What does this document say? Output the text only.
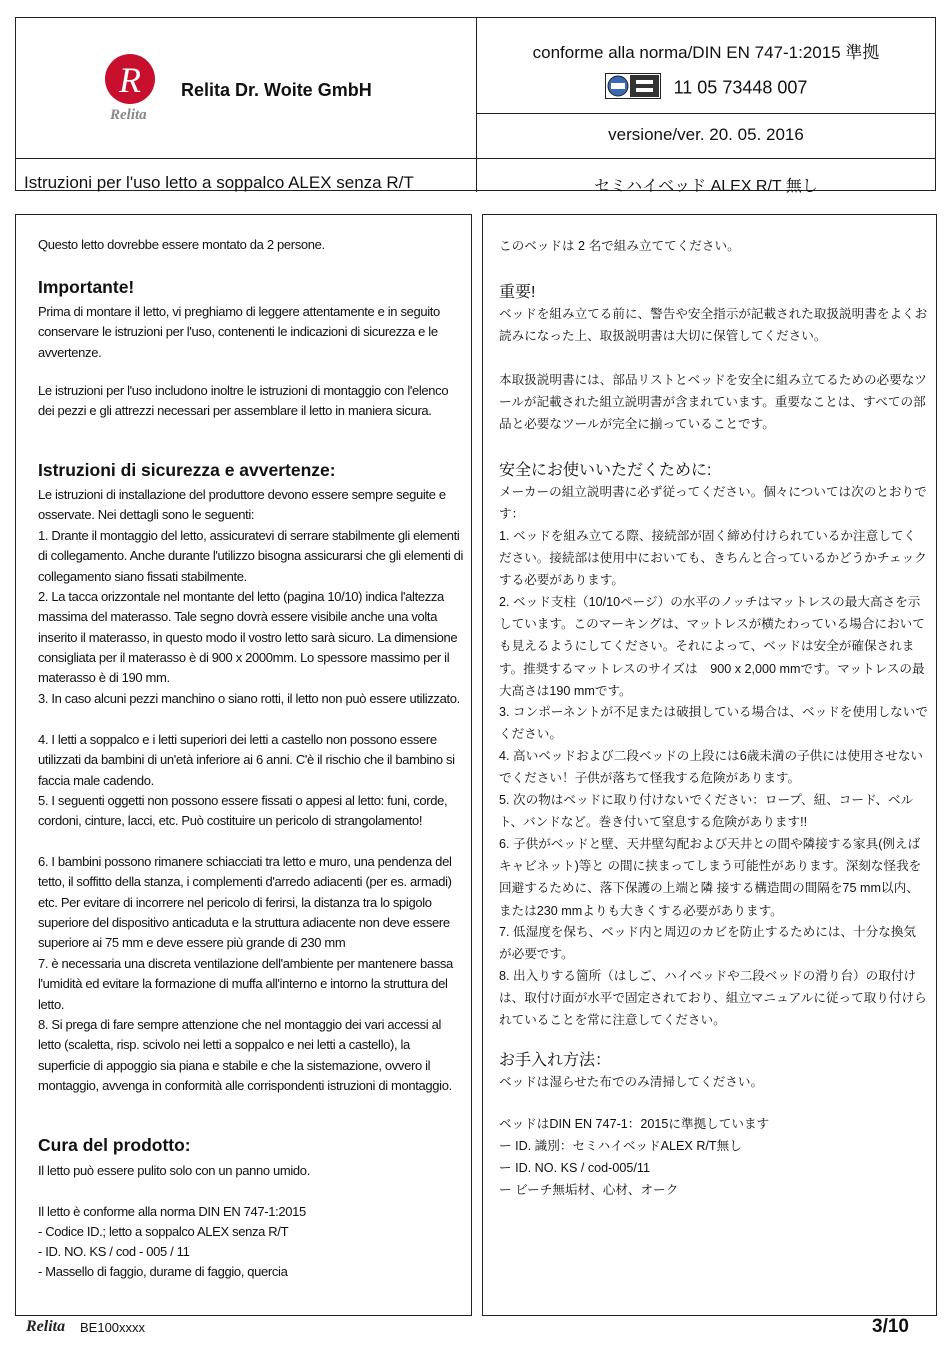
R
Relita
Relita Dr. Woite GmbH
conforme alla norma/DIN EN 747-1:2015 準拠
11 05 73448 007
versione/ver. 20. 05. 2016
Istruzioni per l'uso letto a soppalco ALEX senza R/T	セミハイベッド ALEX R/T 無し
Questo letto dovrebbe essere montato da 2 persone.
Importante!
Prima di montare il letto, vi preghiamo di leggere attentamente e in seguito conservare le istruzioni per l'uso, contenenti le indicazioni di sicurezza e le avvertenze.
Le istruzioni per l'uso includono inoltre le istruzioni di montaggio con l'elenco dei pezzi e gli attrezzi necessari per assemblare il letto in maniera sicura.
Istruzioni di sicurezza e avvertenze:
Le istruzioni di installazione del produttore devono essere sempre seguite e osservate. Nei dettagli sono le seguenti:
1. Drante il montaggio del letto, assicuratevi di serrare stabilmente gli elementi di collegamento. Anche durante l'utilizzo bisogna assicurarsi che gli elementi di collegamento siano fissati stabilmente.
2. La tacca orizzontale nel montante del letto (pagina 10/10) indica l'altezza massima del materasso. Tale segno dovrà essere visibile anche una volta inserito il materasso, in questo modo il vostro letto sarà sicuro. La dimensione consigliata per il materasso è di 900 x 2000mm. Lo spessore massimo per il materasso è di 190 mm.
3. In caso alcuni pezzi manchino o siano rotti, il letto non può essere utilizzato.
4. I letti a soppalco e i letti superiori dei letti a castello non possono essere utilizzati da bambini di un'età inferiore ai 6 anni. C'è il rischio che il bambino si faccia male cadendo.
5. I seguenti oggetti non possono essere fissati o appesi al letto: funi, corde, cordoni, cinture, lacci, etc. Può costituire un pericolo di strangolamento!
6. I bambini possono rimanere schiacciati tra letto e muro, una pendenza del tetto, il soffitto della stanza, i complementi d'arredo adiacenti (per es. armadi) etc. Per evitare di incorrere nel pericolo di ferirsi, la distanza tra lo spigolo superiore del dispositivo anticaduta e la struttura adiacente non deve essere superiore ai 75 mm e deve essere più grande di 230 mm
7. è necessaria una discreta ventilazione dell'ambiente per mantenere bassa l'umidità ed evitare la formazione di muffa all'interno e intorno la struttura del letto.
8. Si prega di fare sempre attenzione che nel montaggio dei vari accessi al letto (scaletta, risp. scivolo nei letti a soppalco e nei letti a castello), la superficie di appoggio sia piana e stabile e che la sistemazione, ovvero il montaggio, avvenga in conformità alle corrispondenti istruzioni di montaggio.
Cura del prodotto:
Il letto può essere pulito solo con un panno umido.
Il letto è conforme alla norma DIN EN 747-1:2015
- Codice ID.; letto a soppalco ALEX senza R/T
- ID. NO. KS / cod - 005 / 11
- Massello di faggio, durame di faggio, quercia
このベッドは 2 名で組み立ててください。
重要!
ベッドを組み立てる前に、警告や安全指示が記載された取扱説明書をよくお読みになった上、取扱説明書は大切に保管してください。
本取扱説明書には、部品リストとベッドを安全に組み立てるための必要なツールが記載された組立説明書が含まれています。重要なことは、すべての部品と必要なツールが完全に揃っていることです。
安全にお使いいただくために:
メーカーの組立説明書に必ず従ってください。個々については次のとおりです：
1. ベッドを組み立てる際、接続部が固く締め付けられているか注意してください。接続部は使用中においても、きちんと合っているかどうかチェックする必要があります。
2. ベッド支柱（10/10ページ）の水平のノッチはマットレスの最大高さを示しています。このマーキングは、マットレスが横たわっている場合においても見えるようにしてください。それによって、ベッドは安全が確保されます。推奨するマットレスのサイズは　900 x 2,000 mmです。マットレスの最大高さは190 mmです。
3. コンポーネントが不足または破損している場合は、ベッドを使用しないでください。
4. 高いベッドおよび二段ベッドの上段には6歳未満の子供には使用させないでください！子供が落ちて怪我する危険があります。
5. 次の物はベッドに取り付けないでください：ロープ、紐、コード、ベルト、バンドなど。巻き付いて窒息する危険があります!!
6. 子供がベッドと壁、天井壁勾配および天井との間や隣接する家具(例えばキャビネット)等と の間に挟まってしまう可能性があります。深刻な怪我を回避するために、落下保護の上端と隣 接する構造間の間隔を75 mm以内、または230 mmよりも大きくする必要があります。
7. 低湿度を保ち、ベッド内と周辺のカビを防止するためには、十分な換気が必要です。
8. 出入りする箇所（はしご、ハイベッドや二段ベッドの滑り台）の取付けは、取付け面が水平で固定されており、組立マニュアルに従って取り付けられていることを常に注意してください。
お手入れ方法：
ベッドは湿らせた布でのみ清掃してください。
ベッドはDIN EN 747-1：2015に準拠しています
ー ID. 識別：セミハイベッドALEX R/T無し
ー ID. NO. KS / cod-005/11
ー ビーチ無垢材、心材、オーク
Relita BE100xxxx	3/10
